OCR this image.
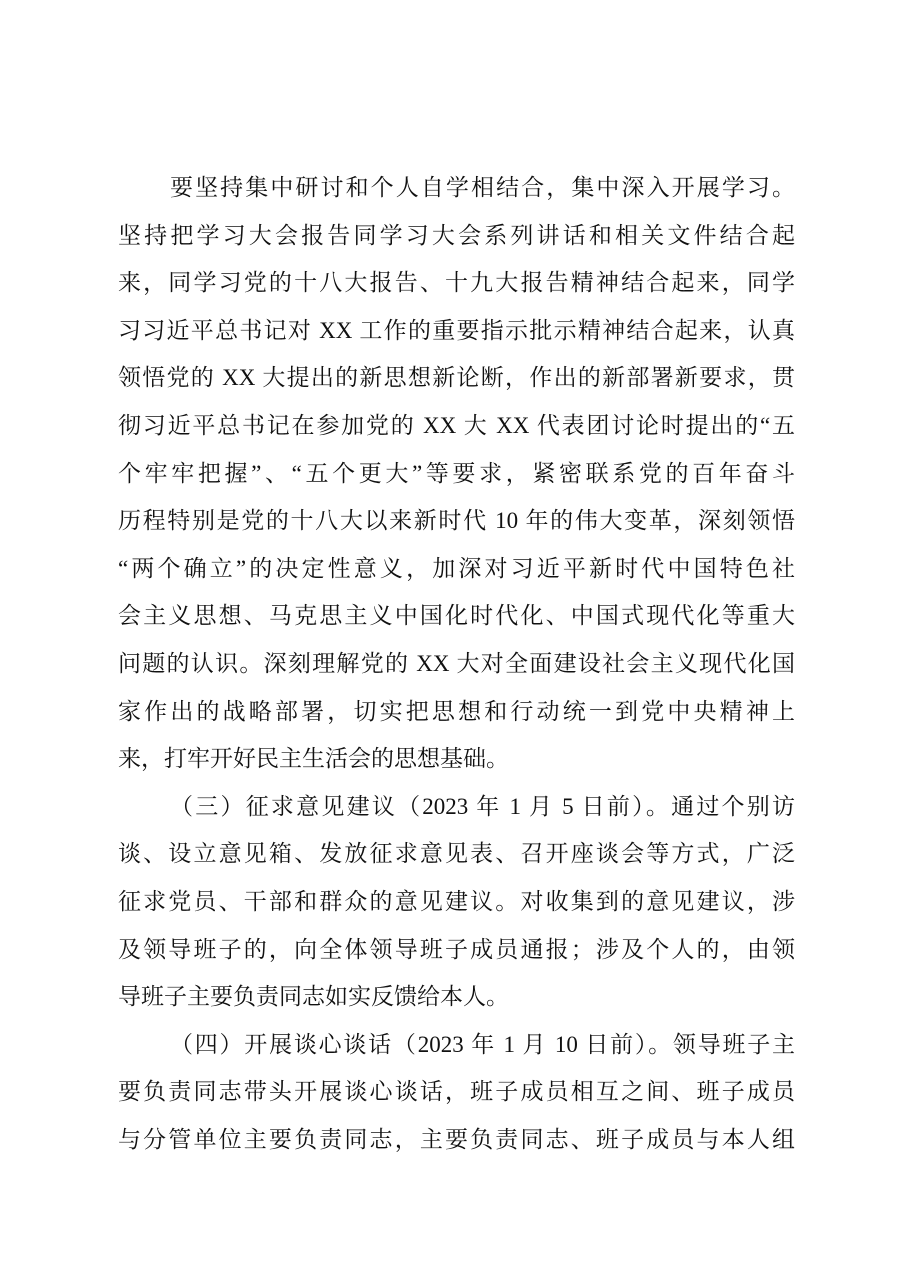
要坚持集中研讨和个人自学相结合，集中深入开展学习。
坚持把学习大会报告同学习大会系列讲话和相关文件结合起
来，同学习党的十八大报告、十九大报告精神结合起来，同学
习习近平总书记对 XX 工作的重要指示批示精神结合起来，认真
领悟党的 XX 大提出的新思想新论断，作出的新部署新要求，贯
彻习近平总书记在参加党的 XX 大 XX 代表团讨论时提出的“五
个牢牢把握”、“五个更大”等要求，紧密联系党的百年奋斗
历程特别是党的十八大以来新时代 10 年的伟大变革，深刻领悟
“两个确立”的决定性意义，加深对习近平新时代中国特色社
会主义思想、马克思主义中国化时代化、中国式现代化等重大
问题的认识。深刻理解党的 XX 大对全面建设社会主义现代化国
家作出的战略部署，切实把思想和行动统一到党中央精神上
来，打牢开好民主生活会的思想基础。
（三）征求意见建议（2023 年 1 月 5 日前）。通过个别访
谈、设立意见箱、发放征求意见表、召开座谈会等方式，广泛
征求党员、干部和群众的意见建议。对收集到的意见建议，涉
及领导班子的，向全体领导班子成员通报；涉及个人的，由领
导班子主要负责同志如实反馈给本人。
（四）开展谈心谈话（2023 年 1 月 10 日前）。领导班子主
要负责同志带头开展谈心谈话，班子成员相互之间、班子成员
与分管单位主要负责同志，主要负责同志、班子成员与本人组
